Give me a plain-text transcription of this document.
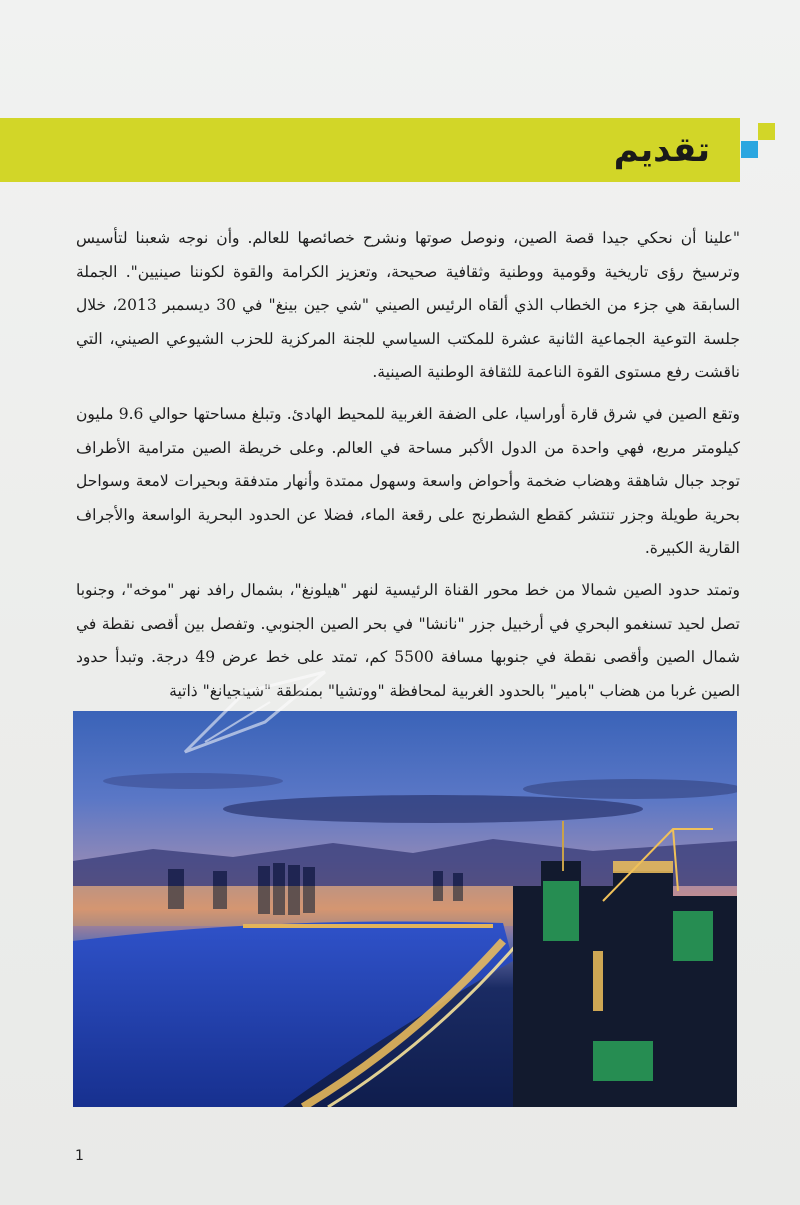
تقديم

"علينا أن نحكي جيدا قصة الصين، ونوصل صوتها ونشرح خصائصها للعالم. وأن نوجه شعبنا لتأسيس وترسيخ رؤى تاريخية وقومية ووطنية وثقافية صحيحة، وتعزيز الكرامة والقوة لكوننا صينيين". الجملة السابقة هي جزء من الخطاب الذي ألقاه الرئيس الصيني "شي جين بينغ" في 30 ديسمبر 2013، خلال جلسة التوعية الجماعية الثانية عشرة للمكتب السياسي للجنة المركزية للحزب الشيوعي الصيني، التي ناقشت رفع مستوى القوة الناعمة للثقافة الوطنية الصينية.

وتقع الصين في شرق قارة أوراسيا، على الضفة الغربية للمحيط الهادئ. وتبلغ مساحتها حوالي 9.6 مليون كيلومتر مربع، فهي واحدة من الدول الأكبر مساحة في العالم. وعلى خريطة الصين مترامية الأطراف توجد جبال شاهقة وهضاب ضخمة وأحواض واسعة وسهول ممتدة وأنهار متدفقة وبحيرات لامعة وسواحل بحرية طويلة وجزر تنتشر كقطع الشطرنج على رقعة الماء، فضلا عن الحدود البحرية الواسعة والأجراف القارية الكبيرة.

وتمتد حدود الصين شمالا من خط محور القناة الرئيسية لنهر "هيلونغ"، بشمال رافد نهر "موخه"، وجنوبا تصل لحيد تسنغمو البحري في أرخبيل جزر "نانشا" في بحر الصين الجنوبي. وتفصل بين أقصى نقطة في شمال الصين وأقصى نقطة في جنوبها مسافة 5500 كم، تمتد على خط عرض 49 درجة. وتبدأ حدود الصين غربا من هضاب "بامير" بالحدود الغربية لمحافظة "ووتشيا" بمنطقة "شينجيانغ" ذاتية

1
